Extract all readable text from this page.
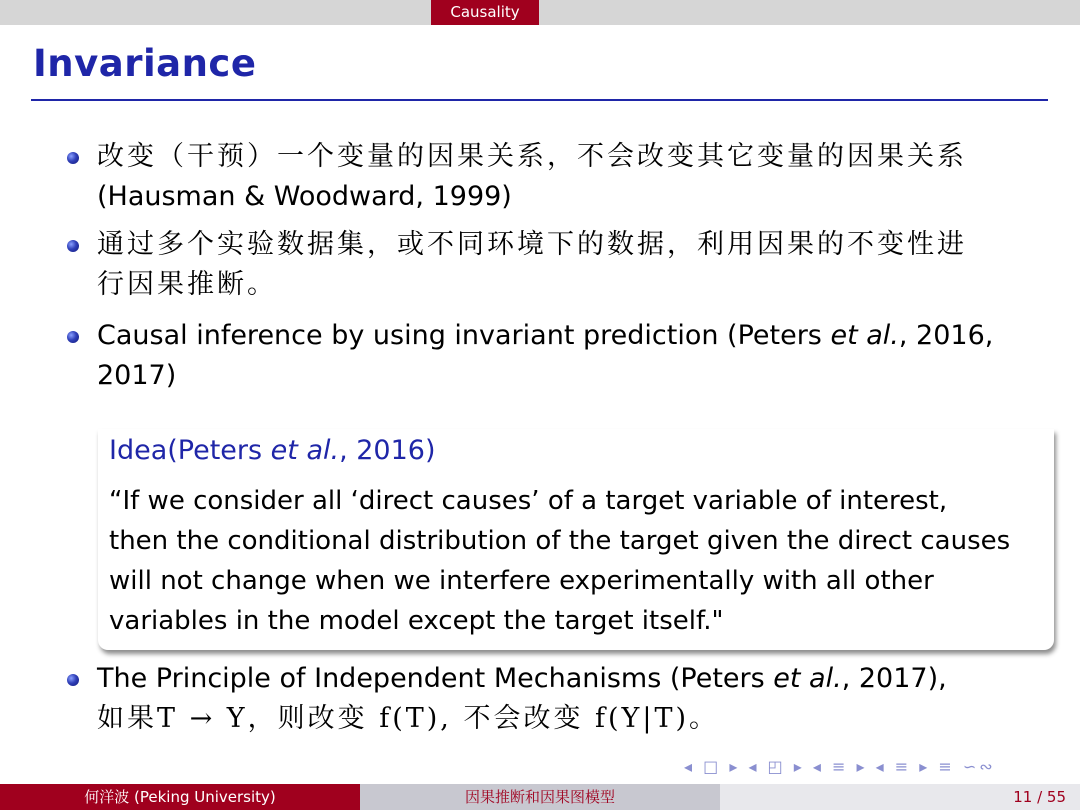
Causality
Invariance
改变（干预）一个变量的因果关系，不会改变其它变量的因果关系
(Hausman & Woodward, 1999)
通过多个实验数据集，或不同环境下的数据，利用因果的不变性进
行因果推断。
Causal inference by using invariant prediction (Peters et al., 2016,
2017)
Idea(Peters et al., 2016)
“If we consider all ‘direct causes’ of a target variable of interest,
then the conditional distribution of the target given the direct causes
will not change when we interfere experimentally with all other
variables in the model except the target itself."
The Principle of Independent Mechanisms (Peters et al., 2017),
如果T → Y，则改变 f(T), 不会改变 f(Y|T)。
◂ □ ▸ ◂ ◰ ▸ ◂ ≡ ▸ ◂ ≡ ▸ ≡ ∽∾
何洋波 (Peking University)	因果推断和因果图模型	11 / 55
